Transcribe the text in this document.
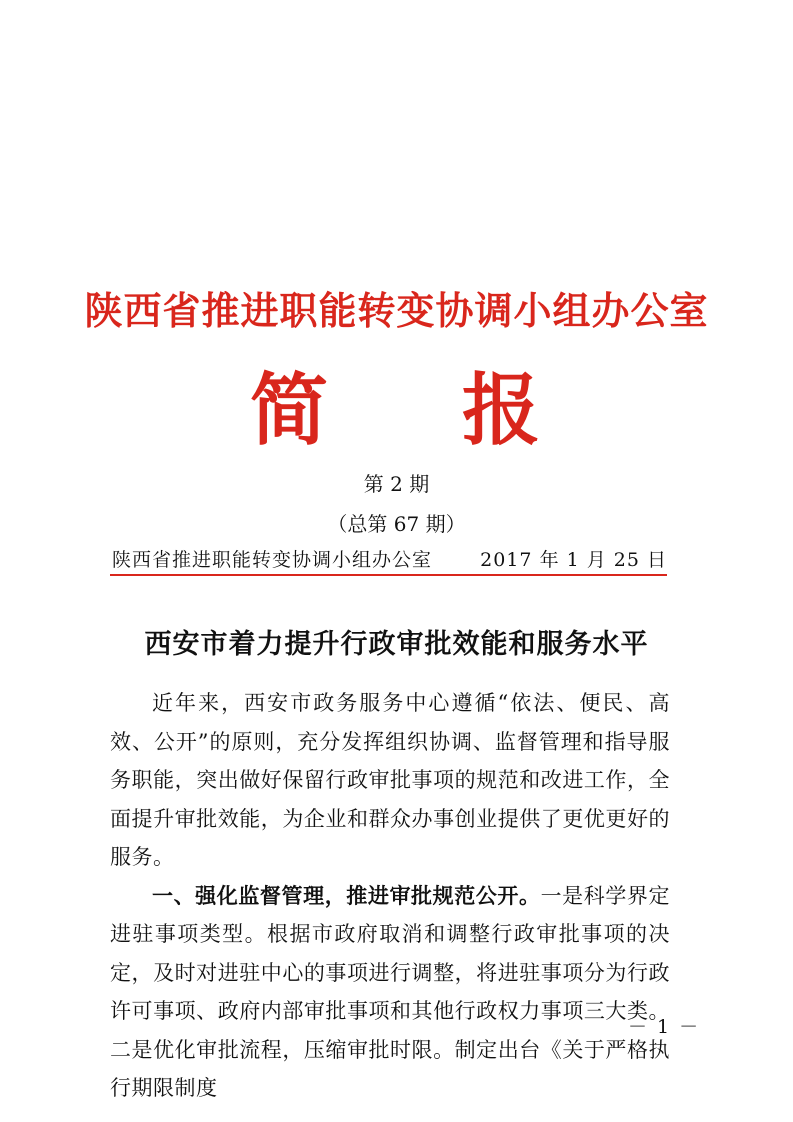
陕西省推进职能转变协调小组办公室
简 报
第 2 期
（总第 67 期）
陕西省推进职能转变协调小组办公室	2017 年 1 月 25 日
西安市着力提升行政审批效能和服务水平

近年来，西安市政务服务中心遵循“依法、便民、高效、公开”的原则，充分发挥组织协调、监督管理和指导服务职能，突出做好保留行政审批事项的规范和改进工作，全面提升审批效能，为企业和群众办事创业提供了更优更好的服务。

一、强化监督管理，推进审批规范公开。一是科学界定进驻事项类型。根据市政府取消和调整行政审批事项的决定，及时对进驻中心的事项进行调整，将进驻事项分为行政许可事项、政府内部审批事项和其他行政权力事项三大类。二是优化审批流程，压缩审批时限。制定出台《关于严格执行期限制度

－ 1 －
